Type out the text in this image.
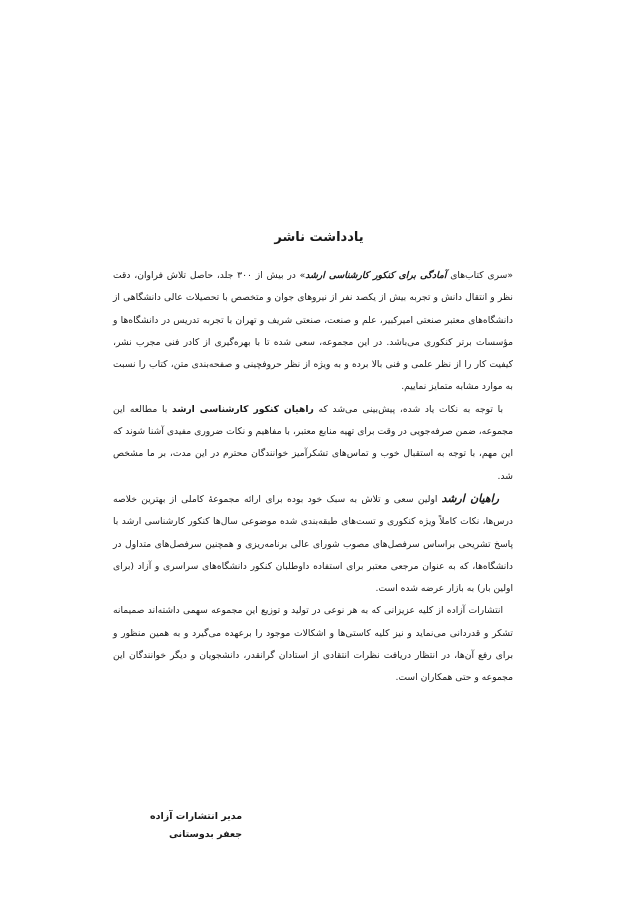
یادداشت ناشر

«سری کتاب‌های آمادگی برای کنکور کارشناسی ارشد» در بیش از ۳۰۰ جلد، حاصل تلاش فراوان، دقت نظر و انتقال دانش و تجربه بیش از یکصد نفر از نیروهای جوان و متخصص با تحصیلات عالی دانشگاهی از دانشگاه‌های معتبر صنعتی امیرکبیر، علم و صنعت، صنعتی شریف و تهران با تجربه تدریس در دانشگاه‌ها و مؤسسات برتر کنکوری می‌باشد. در این مجموعه، سعی شده تا با بهره‌گیری از کادر فنی مجرب نشر، کیفیت کار را از نظر علمی و فنی بالا برده و به ویژه از نظر حروفچینی و صفحه‌بندی متن، کتاب را نسبت به موارد مشابه متمایز نماییم.

با توجه به نکات یاد شده، پیش‌بینی می‌شد که راهیان کنکور کارشناسی ارشد با مطالعه این مجموعه، ضمن صرفه‌جویی در وقت برای تهیه منابع معتبر، با مفاهیم و نکات ضروری مفیدی آشنا شوند که این مهم، با توجه به استقبال خوب و تماس‌های تشکرآمیز خوانندگان محترم در این مدت، بر ما مشخص شد.

راهیان ارشداولین سعی و تلاش به سبک خود بوده برای ارائه مجموعهٔ کاملی از بهترین خلاصه درس‌ها، نکات کاملاً ویژه کنکوری و تست‌های طبقه‌بندی شده موضوعی سال‌ها کنکور کارشناسی ارشد با پاسخ تشریحی براساس سرفصل‌های مصوب شورای عالی برنامه‌ریزی و همچنین سرفصل‌های متداول در دانشگاه‌ها، که به عنوان مرجعی معتبر برای استفاده داوطلبان کنکور دانشگاه‌های سراسری و آزاد (برای اولین بار) به بازار عرضه شده است.

انتشارات آزاده از کلیه عزیزانی که به هر نوعی در تولید و توزیع این مجموعه سهمی داشته‌اند صمیمانه تشکر و قدردانی می‌نماید و نیز کلیه کاستی‌ها و اشکالات موجود را برعهده می‌گیرد و به همین منظور و برای رفع آن‌ها، در انتظار دریافت نظرات انتقادی از استادان گرانقدر، دانشجویان و دیگر خوانندگان این مجموعه و حتی همکاران است.

مدیر انتشارات آزاده
جعفر بدوستانی
